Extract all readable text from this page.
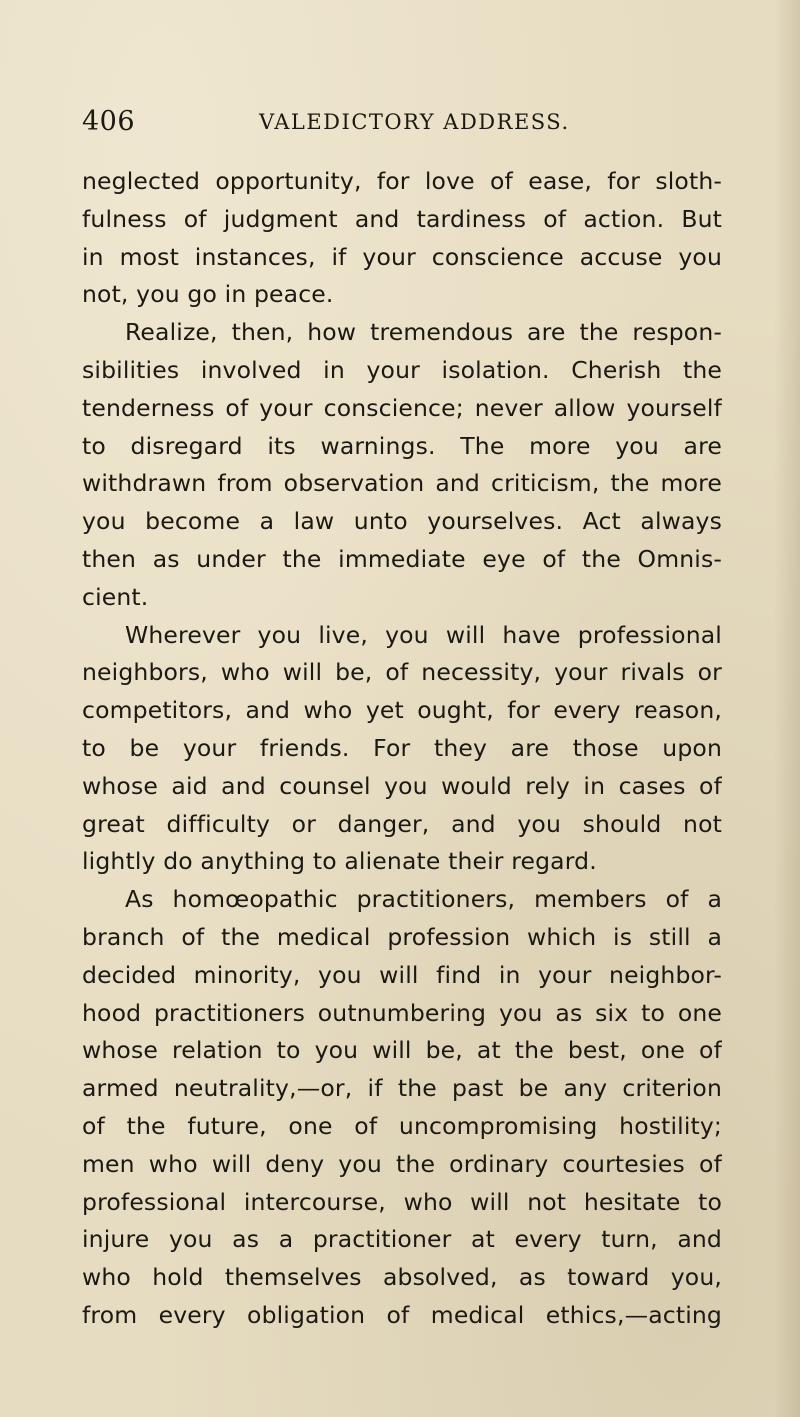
406	VALEDICTORY ADDRESS.
neglected opportunity, for love of ease, for sloth-
fulness of judgment and tardiness of action. But
in most instances, if your conscience accuse you
not, you go in peace.
Realize, then, how tremendous are the respon-
sibilities involved in your isolation. Cherish the
tenderness of your conscience; never allow yourself
to disregard its warnings. The more you are
withdrawn from observation and criticism, the more
you become a law unto yourselves. Act always
then as under the immediate eye of the Omnis-
cient.
Wherever you live, you will have professional
neighbors, who will be, of necessity, your rivals or
competitors, and who yet ought, for every reason,
to be your friends. For they are those upon
whose aid and counsel you would rely in cases of
great difficulty or danger, and you should not
lightly do anything to alienate their regard.
As homœopathic practitioners, members of a
branch of the medical profession which is still a
decided minority, you will find in your neighbor-
hood practitioners outnumbering you as six to one
whose relation to you will be, at the best, one of
armed neutrality,—or, if the past be any criterion
of the future, one of uncompromising hostility;
men who will deny you the ordinary courtesies of
professional intercourse, who will not hesitate to
injure you as a practitioner at every turn, and
who hold themselves absolved, as toward you,
from every obligation of medical ethics,—acting
